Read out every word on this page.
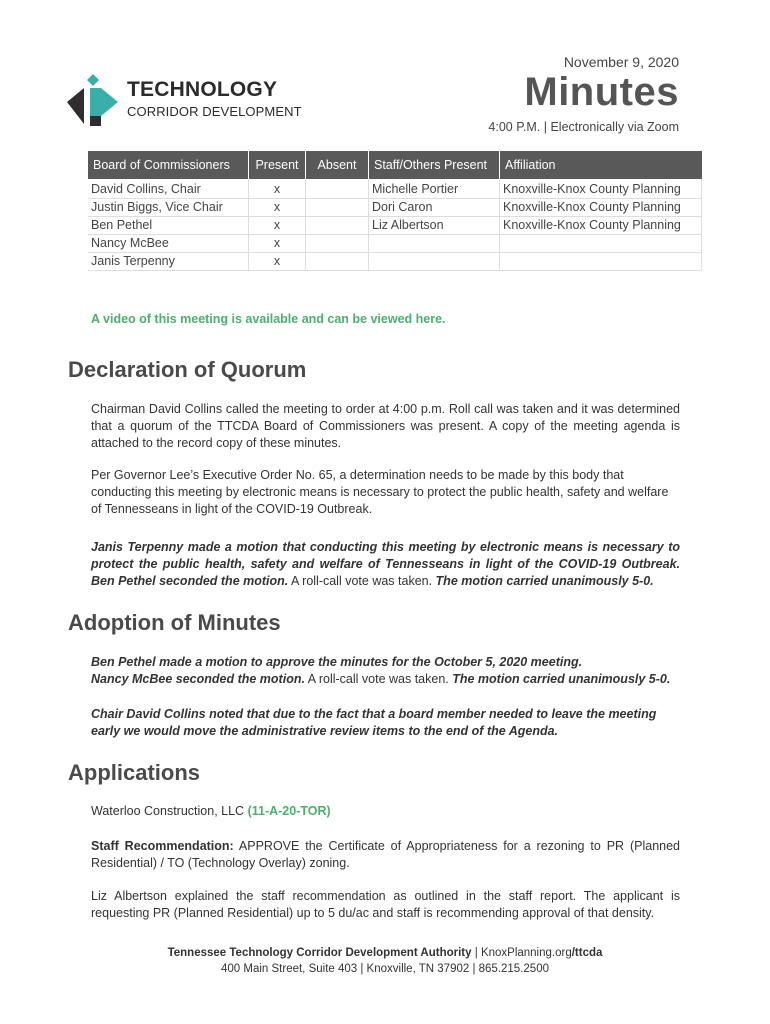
November 9, 2020
Minutes
4:00 P.M. | Electronically via Zoom
TECHNOLOGY
CORRIDOR DEVELOPMENT
Board of Commissioners	Present	Absent	Staff/Others Present	Affiliation
David Collins, Chair	x		Michelle Portier	Knoxville-Knox County Planning
Justin Biggs, Vice Chair	x		Dori Caron	Knoxville-Knox County Planning
Ben Pethel	x		Liz Albertson	Knoxville-Knox County Planning
Nancy McBee	x			
Janis Terpenny	x			
A video of this meeting is available and can be viewed here.
Declaration of Quorum
Chairman David Collins called the meeting to order at 4:00 p.m. Roll call was taken and it was determined that a quorum of the TTCDA Board of Commissioners was present. A copy of the meeting agenda is attached to the record copy of these minutes.
Per Governor Lee’s Executive Order No. 65, a determination needs to be made by this body that conducting this meeting by electronic means is necessary to protect the public health, safety and welfare of Tennesseans in light of the COVID-19 Outbreak.
Janis Terpenny made a motion that conducting this meeting by electronic means is necessary to protect the public health, safety and welfare of Tennesseans in light of the COVID-19 Outbreak. Ben Pethel seconded the motion. A roll-call vote was taken. The motion carried unanimously 5-0.
Adoption of Minutes
Ben Pethel made a motion to approve the minutes for the October 5, 2020 meeting.
Nancy McBee seconded the motion. A roll-call vote was taken. The motion carried unanimously 5-0.
Chair David Collins noted that due to the fact that a board member needed to leave the meeting early we would move the administrative review items to the end of the Agenda.
Applications
Waterloo Construction, LLC (11-A-20-TOR)
Staff Recommendation: APPROVE the Certificate of Appropriateness for a rezoning to PR (Planned Residential) / TO (Technology Overlay) zoning.
Liz Albertson explained the staff recommendation as outlined in the staff report. The applicant is requesting PR (Planned Residential) up to 5 du/ac and staff is recommending approval of that density.
Tennessee Technology Corridor Development Authority | KnoxPlanning.org/ttcda
400 Main Street, Suite 403 | Knoxville, TN 37902 | 865.215.2500
